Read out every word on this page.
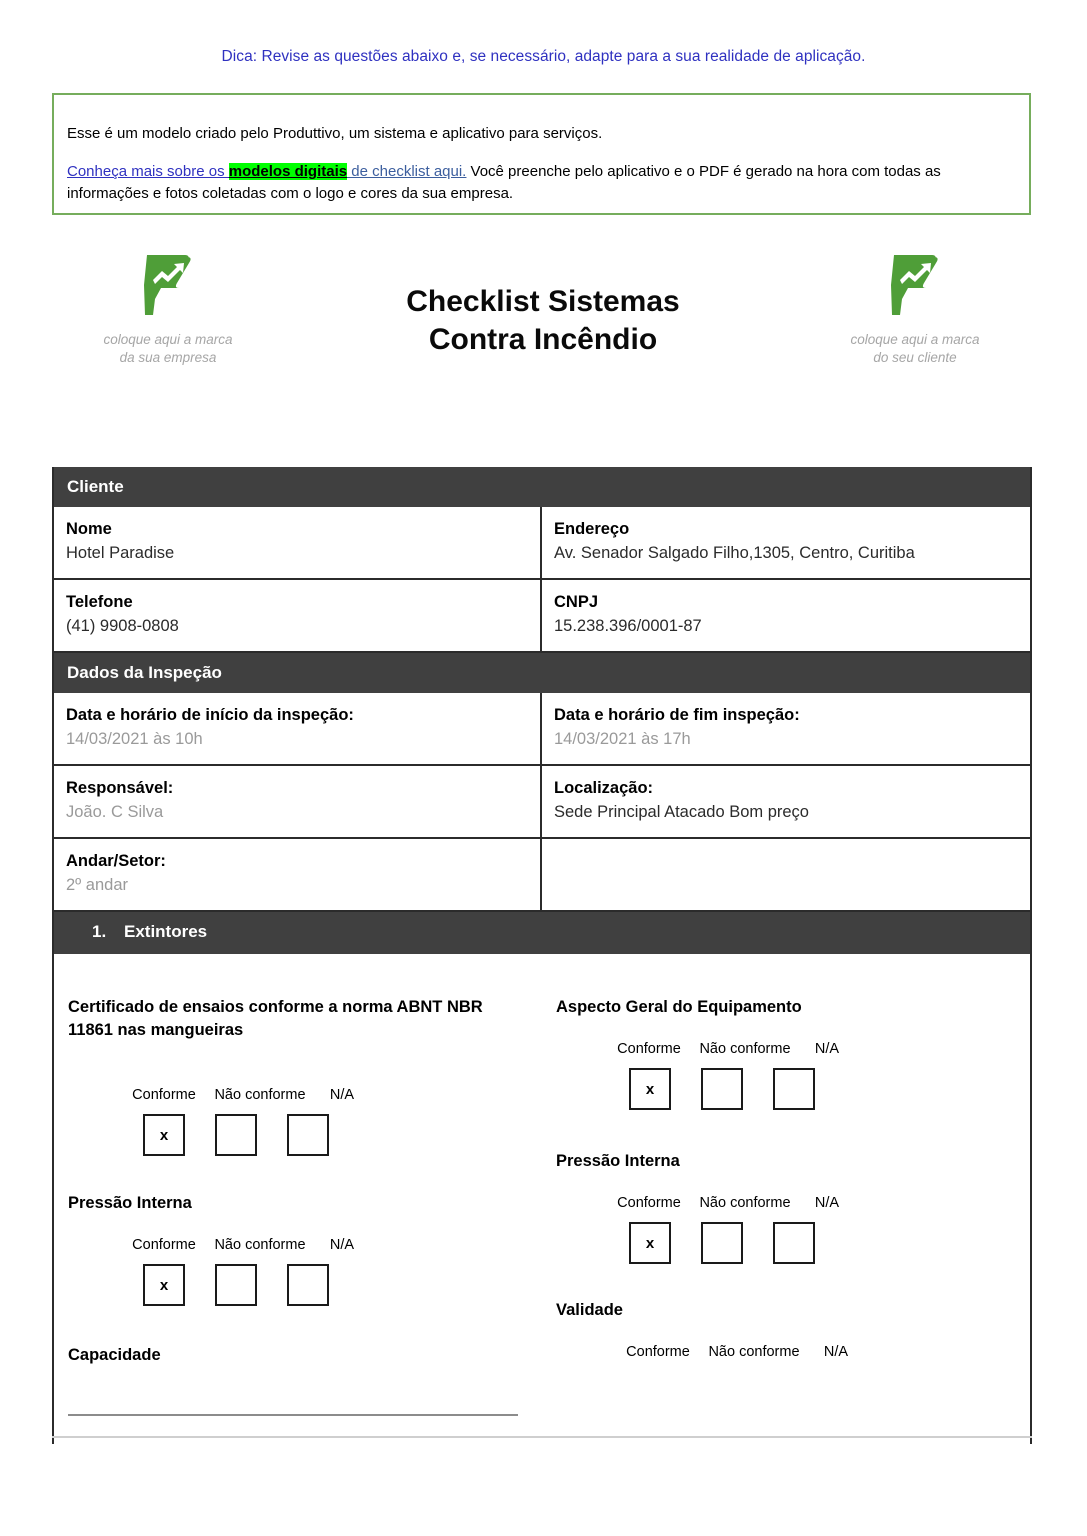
Dica: Revise as questões abaixo e, se necessário, adapte para a sua realidade de aplicação.
Esse é um modelo criado pelo Produttivo, um sistema e aplicativo para serviços.
Conheça mais sobre os modelos digitais de checklist aqui. Você preenche pelo aplicativo e o PDF é gerado na hora com todas as informações e fotos coletadas com o logo e cores da sua empresa.
coloque aqui a marca
da sua empresa
Checklist Sistemas
Contra Incêndio	coloque aqui a marca
do seu cliente
Cliente
Nome
Hotel Paradise
Endereço
Av. Senador Salgado Filho,1305, Centro, Curitiba
Telefone
(41) 9908-0808
CNPJ
15.238.396/0001-87
Dados da Inspeção
Data e horário de início da inspeção:
14/03/2021 às 10h
Data e horário de fim inspeção:
14/03/2021 às 17h
Responsável:
João. C Silva
Localização:
Sede Principal Atacado Bom preço
Andar/Setor:
2º andar
1. Extintores
Certificado de ensaios conforme a norma ABNT NBR 11861 nas mangueiras
Conforme Não conforme N/A
x
Pressão Interna
Conforme Não conforme N/A
x
Capacidade
Aspecto Geral do Equipamento
Conforme Não conforme N/A
x
Pressão Interna
Conforme Não conforme N/A
x
Validade
Conforme Não conforme N/A
